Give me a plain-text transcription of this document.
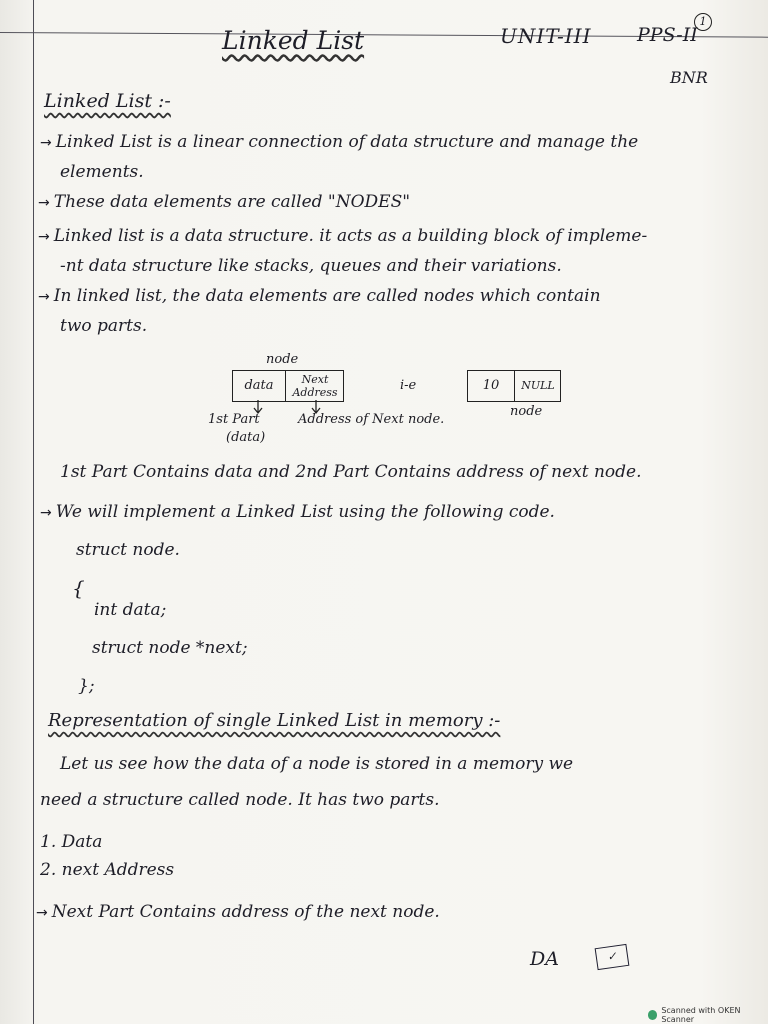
Linked List	UNIT-III PPS-II
1
BNR
Linked List :-
→ Linked List is a linear connection of data structure and manage the
elements.
→ These data elements are called "NODES"
→ Linked list is a data structure. it acts as a building block of impleme-
-nt data structure like stacks, queues and their variations.
→ In linked list, the data elements are called nodes which contain
two parts.
node
data	Next
Address	i-e	10	NULL
node
1st Part
(data)
Address of Next node.
1st Part Contains data and 2nd Part Contains address of next node.
→ We will implement a Linked List using the following code.
struct node.
{
int data;
struct node *next;
};
Representation of single Linked List in memory :-
Let us see how the data of a node is stored in a memory we
need a structure called node. It has two parts.
1. Data
2. next Address
→ Next Part Contains address of the next node.
DA	✓
Scanned with OKEN Scanner
